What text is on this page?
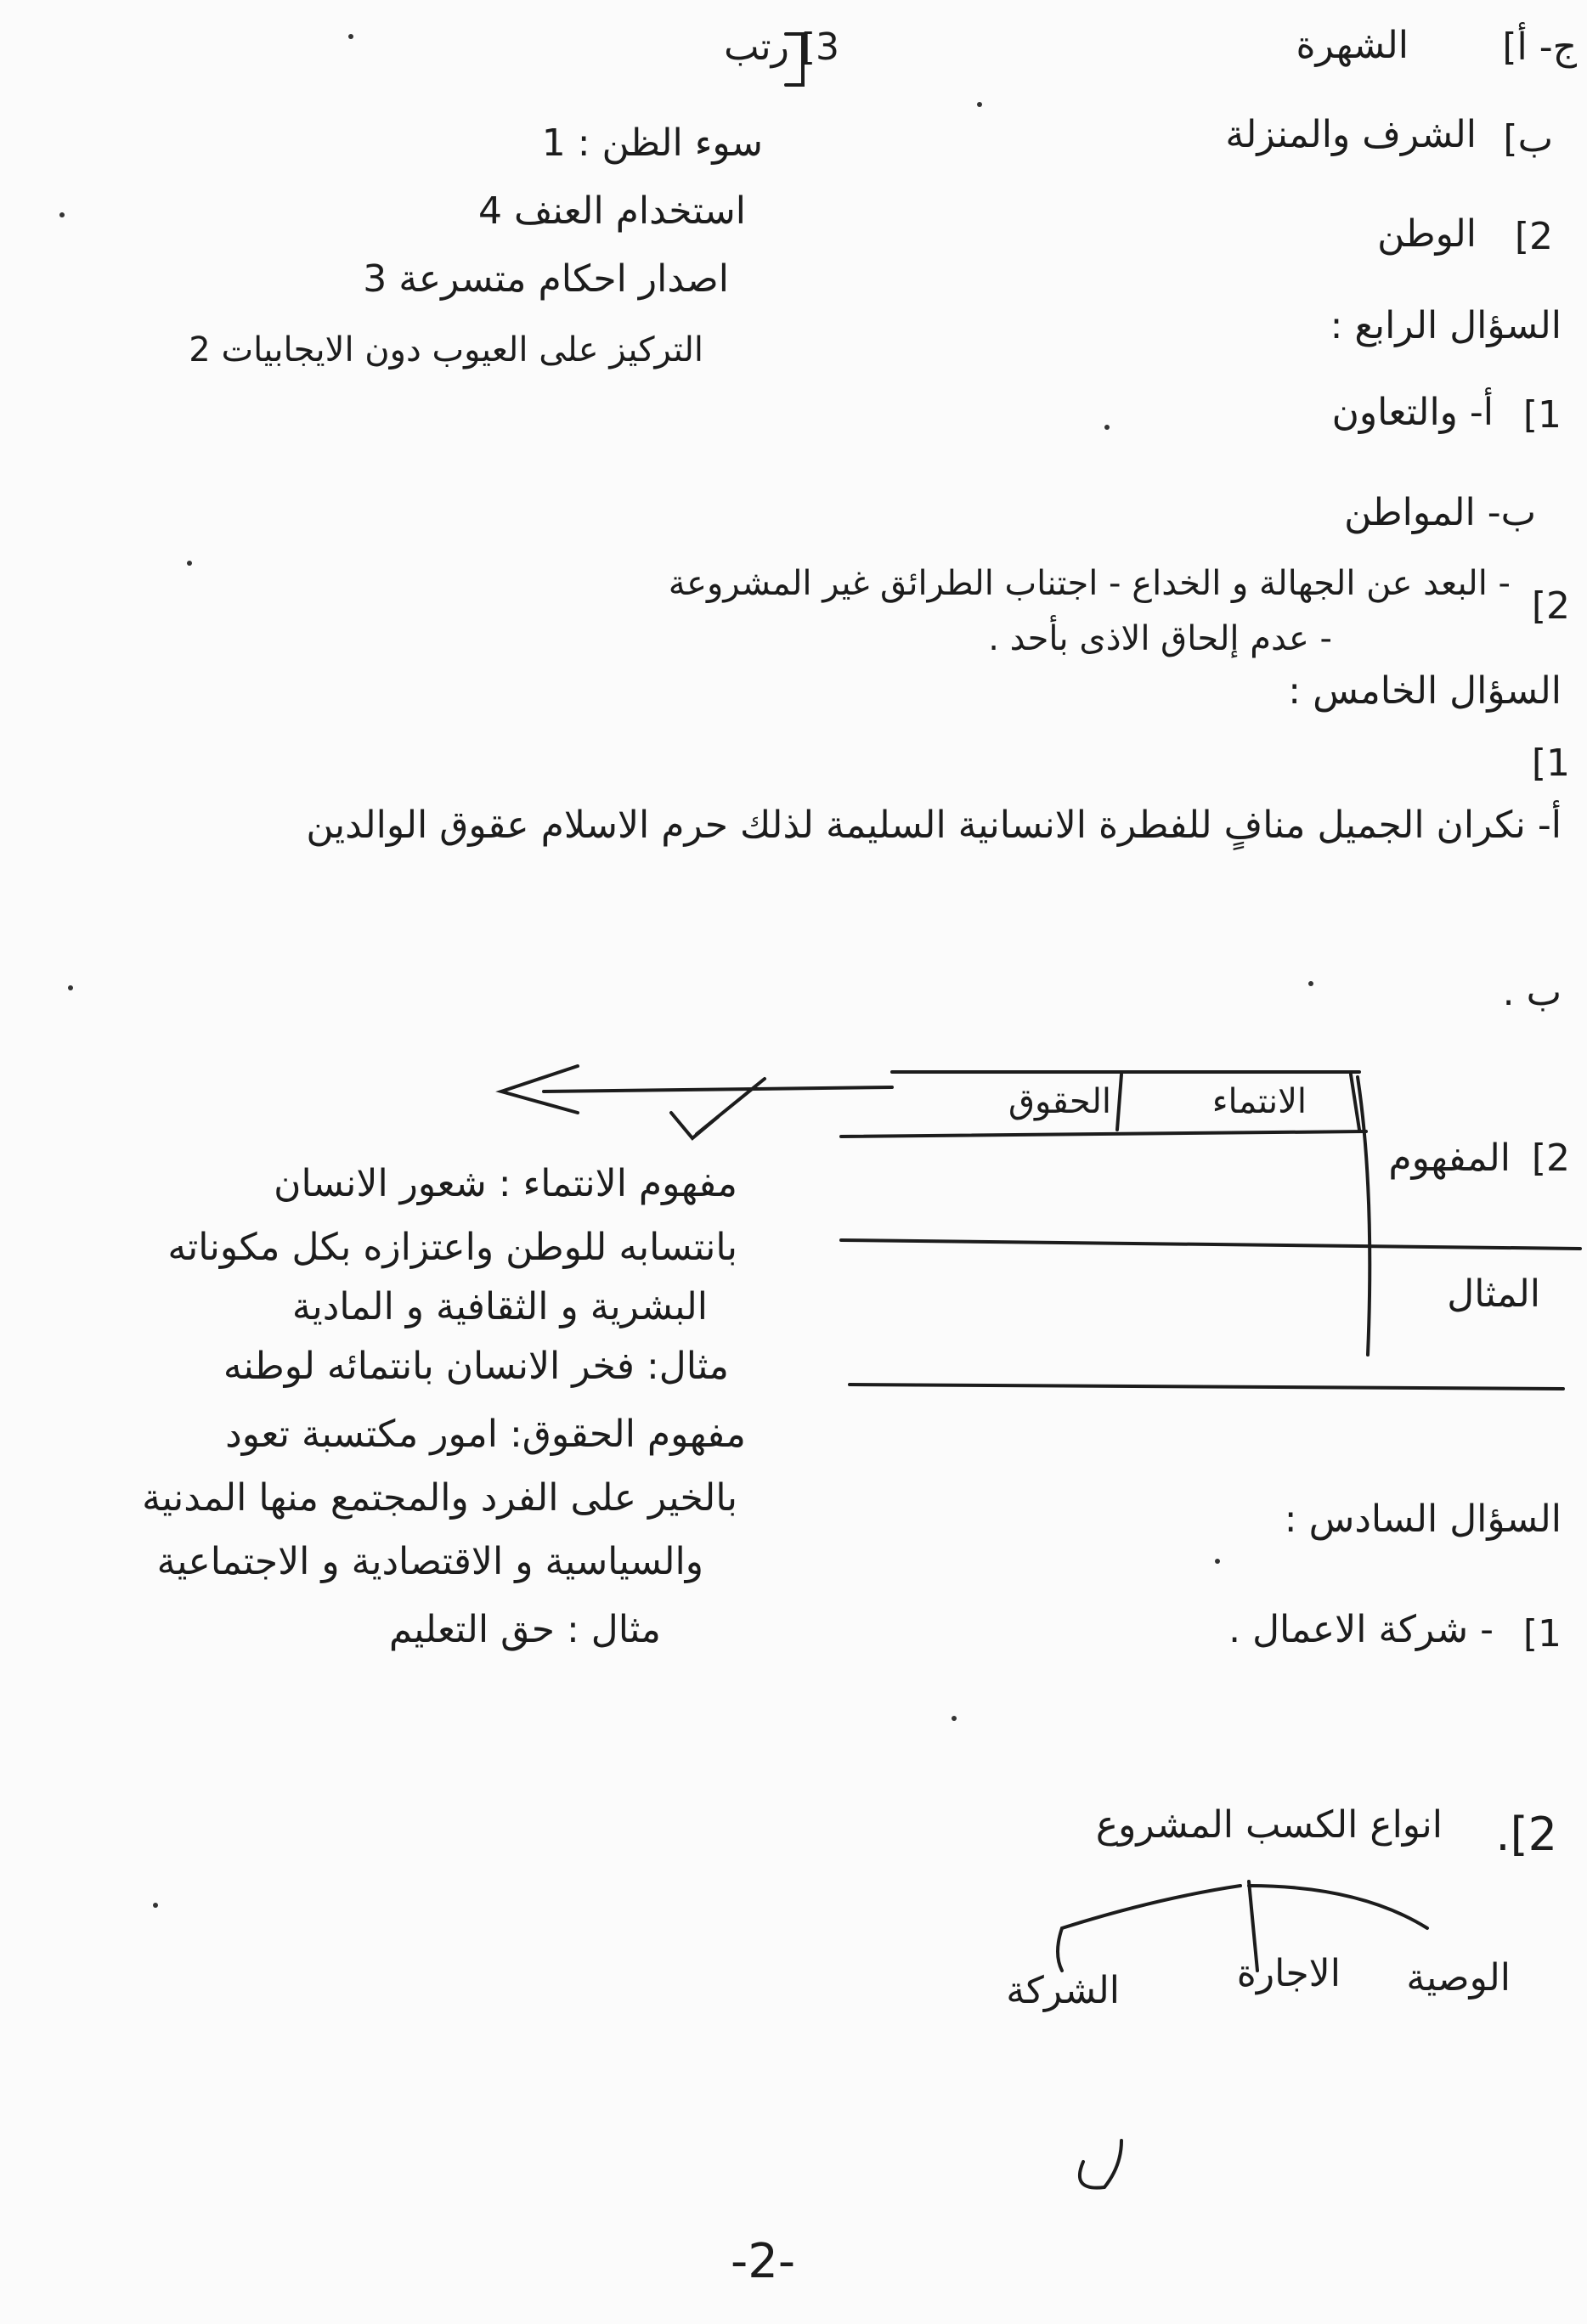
ج- أ]
الشهرة
ب]
الشرف والمنزلة
2]
الوطن
السؤال الرابع :
1]
أ- والتعاون
ب- المواطن
2]
- البعد عن الجهالة و الخداع - اجتناب الطرائق غير المشروعة
- عدم إلحاق الاذى بأحد .
السؤال الخامس :
1]
أ- نكران الجميل منافٍ للفطرة الانسانية السليمة لذلك حرم الاسلام عقوق الوالدين
ب .
الانتماء
الحقوق
2]
المفهوم
المثال
السؤال السادس :
1]
- شركة الاعمال .
2].
انواع الكسب المشروع
الوصية
الاجارة
الشركة
3] رتب
سوء الظن : 1
استخدام العنف 4
اصدار احكام متسرعة 3
التركيز على العيوب دون الايجابيات 2
مفهوم الانتماء : شعور الانسان
بانتسابه للوطن واعتزازه بكل مكوناته
البشرية و الثقافية و المادية
مثال: فخر الانسان بانتمائه لوطنه
مفهوم الحقوق: امور مكتسبة تعود
بالخير على الفرد والمجتمع منها المدنية
والسياسية و الاقتصادية و الاجتماعية
مثال : حق التعليم
-2-
